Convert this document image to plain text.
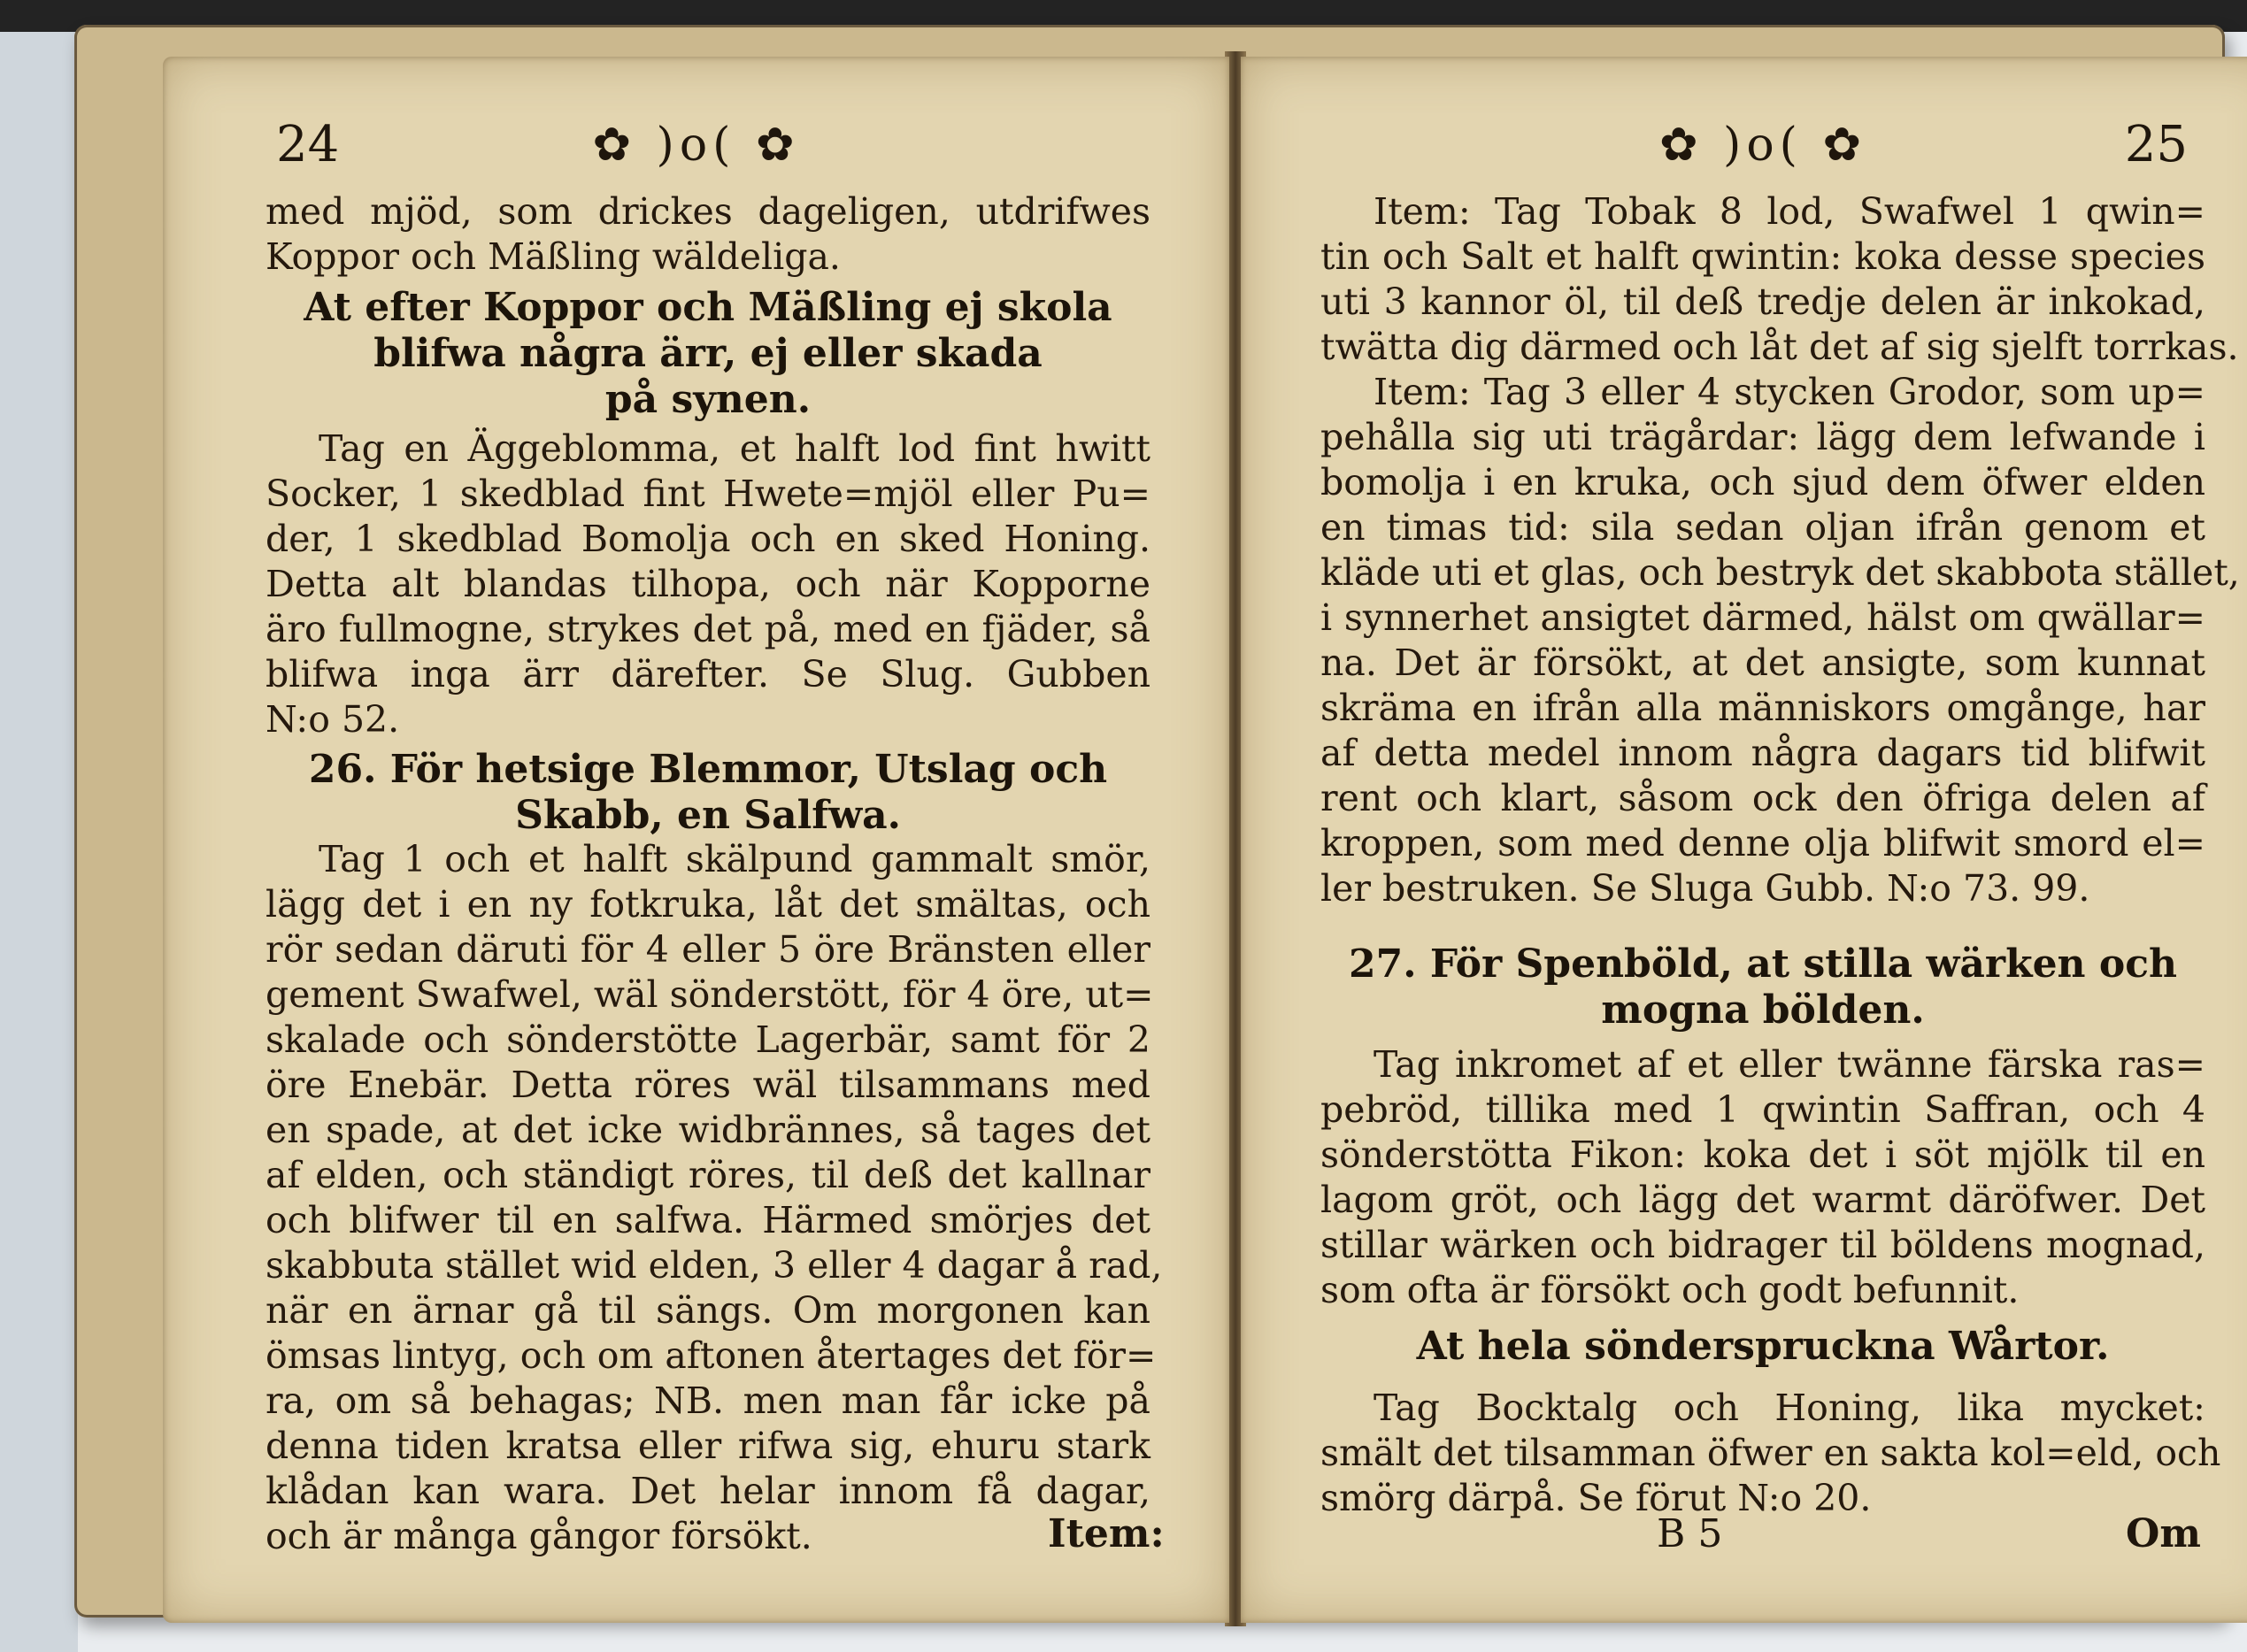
24	✿ )o( ✿
med mjöd, som drickes dageligen, utdrifwes
Koppor och Mäßling wäldeliga.
At efter Koppor och Mäßling ej skola
blifwa några ärr, ej eller skada
på synen.
Tag en Äggeblomma, et halft lod fint hwitt
Socker, 1 skedblad fint Hwete=mjöl eller Pu=
der, 1 skedblad Bomolja och en sked Honing.
Detta alt blandas tilhopa, och när Kopporne
äro fullmogne, strykes det på, med en fjäder, så
blifwa inga ärr därefter. Se Slug. Gubben
N:o 52.
26. För hetsige Blemmor, Utslag och
Skabb, en Salfwa.
Tag 1 och et halft skälpund gammalt smör,
lägg det i en ny fotkruka, låt det smältas, och
rör sedan däruti för 4 eller 5 öre Bränsten eller
gement Swafwel, wäl sönderstött, för 4 öre, ut=
skalade och sönderstötte Lagerbär, samt för 2
öre Enebär. Detta röres wäl tilsammans med
en spade, at det icke widbrännes, så tages det
af elden, och ständigt röres, til deß det kallnar
och blifwer til en salfwa. Härmed smörjes det
skabbuta stället wid elden, 3 eller 4 dagar å rad,
när en ärnar gå til sängs. Om morgonen kan
ömsas lintyg, och om aftonen återtages det för=
ra, om så behagas; NB. men man får icke på
denna tiden kratsa eller rifwa sig, ehuru stark
klådan kan wara. Det helar innom få dagar,
och är många gångor försökt.	Item:
✿ )o( ✿	25
Item: Tag Tobak 8 lod, Swafwel 1 qwin=
tin och Salt et halft qwintin: koka desse species
uti 3 kannor öl, til deß tredje delen är inkokad,
twätta dig därmed och låt det af sig sjelft torrkas.
Item: Tag 3 eller 4 stycken Grodor, som up=
pehålla sig uti trägårdar: lägg dem lefwande i
bomolja i en kruka, och sjud dem öfwer elden
en timas tid: sila sedan oljan ifrån genom et
kläde uti et glas, och bestryk det skabbota stället,
i synnerhet ansigtet därmed, hälst om qwällar=
na. Det är försökt, at det ansigte, som kunnat
skräma en ifrån alla människors omgånge, har
af detta medel innom några dagars tid blifwit
rent och klart, såsom ock den öfriga delen af
kroppen, som med denne olja blifwit smord el=
ler bestruken. Se Sluga Gubb. N:o 73. 99.
27. För Spenböld, at stilla wärken och
mogna bölden.
Tag inkromet af et eller twänne färska ras=
pebröd, tillika med 1 qwintin Saffran, och 4
sönderstötta Fikon: koka det i söt mjölk til en
lagom gröt, och lägg det warmt däröfwer. Det
stillar wärken och bidrager til böldens mognad,
som ofta är försökt och godt befunnit.
At hela sönderspruckna Wårtor.
Tag Bocktalg och Honing, lika mycket:
smält det tilsamman öfwer en sakta kol=eld, och
smörg därpå. Se förut N:o 20.
B 5	Om
